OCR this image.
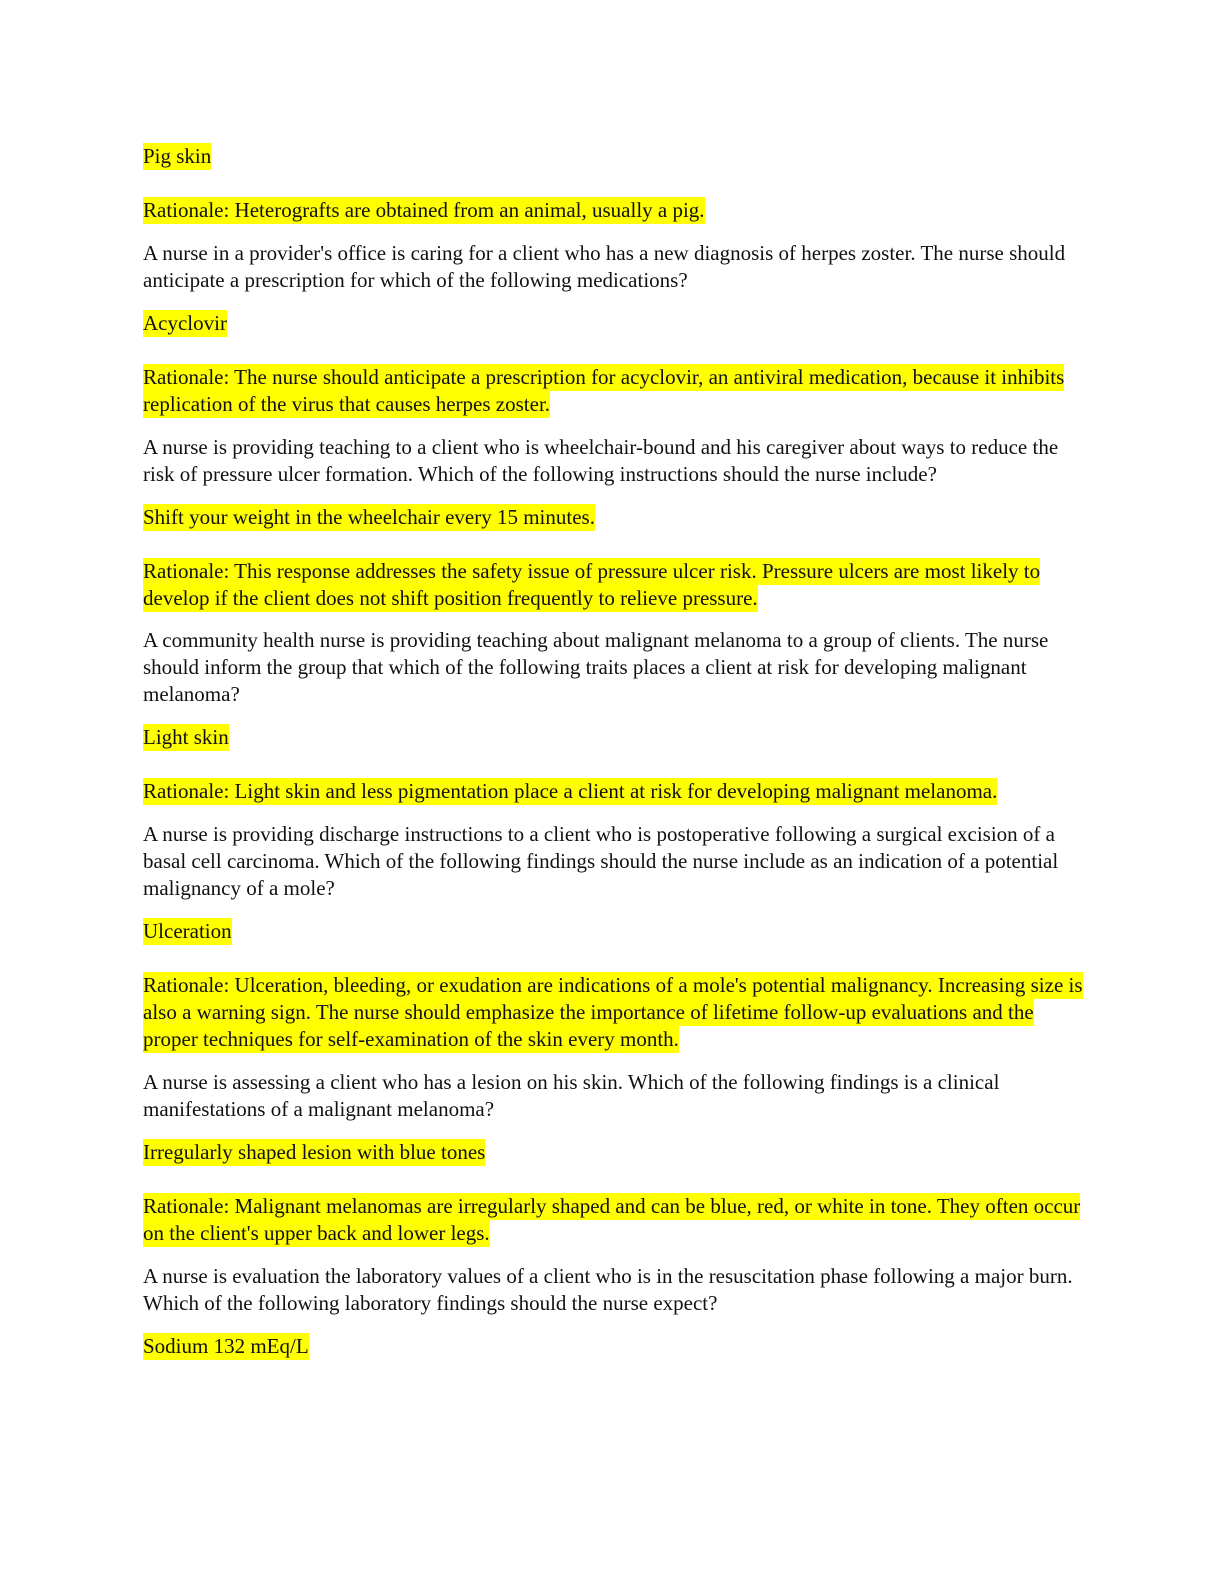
Pig skin

Rationale: Heterografts are obtained from an animal, usually a pig.

A nurse in a provider's office is caring for a client who has a new diagnosis of herpes zoster. The nurse should anticipate a prescription for which of the following medications?

Acyclovir

Rationale: The nurse should anticipate a prescription for acyclovir, an antiviral medication, because it inhibits replication of the virus that causes herpes zoster.

A nurse is providing teaching to a client who is wheelchair-bound and his caregiver about ways to reduce the risk of pressure ulcer formation. Which of the following instructions should the nurse include?

Shift your weight in the wheelchair every 15 minutes.

Rationale: This response addresses the safety issue of pressure ulcer risk. Pressure ulcers are most likely to develop if the client does not shift position frequently to relieve pressure.

A community health nurse is providing teaching about malignant melanoma to a group of clients. The nurse should inform the group that which of the following traits places a client at risk for developing malignant melanoma?

Light skin

Rationale: Light skin and less pigmentation place a client at risk for developing malignant melanoma.

A nurse is providing discharge instructions to a client who is postoperative following a surgical excision of a basal cell carcinoma. Which of the following findings should the nurse include as an indication of a potential malignancy of a mole?

Ulceration

Rationale: Ulceration, bleeding, or exudation are indications of a mole's potential malignancy. Increasing size is also a warning sign. The nurse should emphasize the importance of lifetime follow-up evaluations and the proper techniques for self-examination of the skin every month.

A nurse is assessing a client who has a lesion on his skin. Which of the following findings is a clinical manifestations of a malignant melanoma?

Irregularly shaped lesion with blue tones

Rationale: Malignant melanomas are irregularly shaped and can be blue, red, or white in tone. They often occur on the client's upper back and lower legs.

A nurse is evaluation the laboratory values of a client who is in the resuscitation phase following a major burn. Which of the following laboratory findings should the nurse expect?

Sodium 132 mEq/L
